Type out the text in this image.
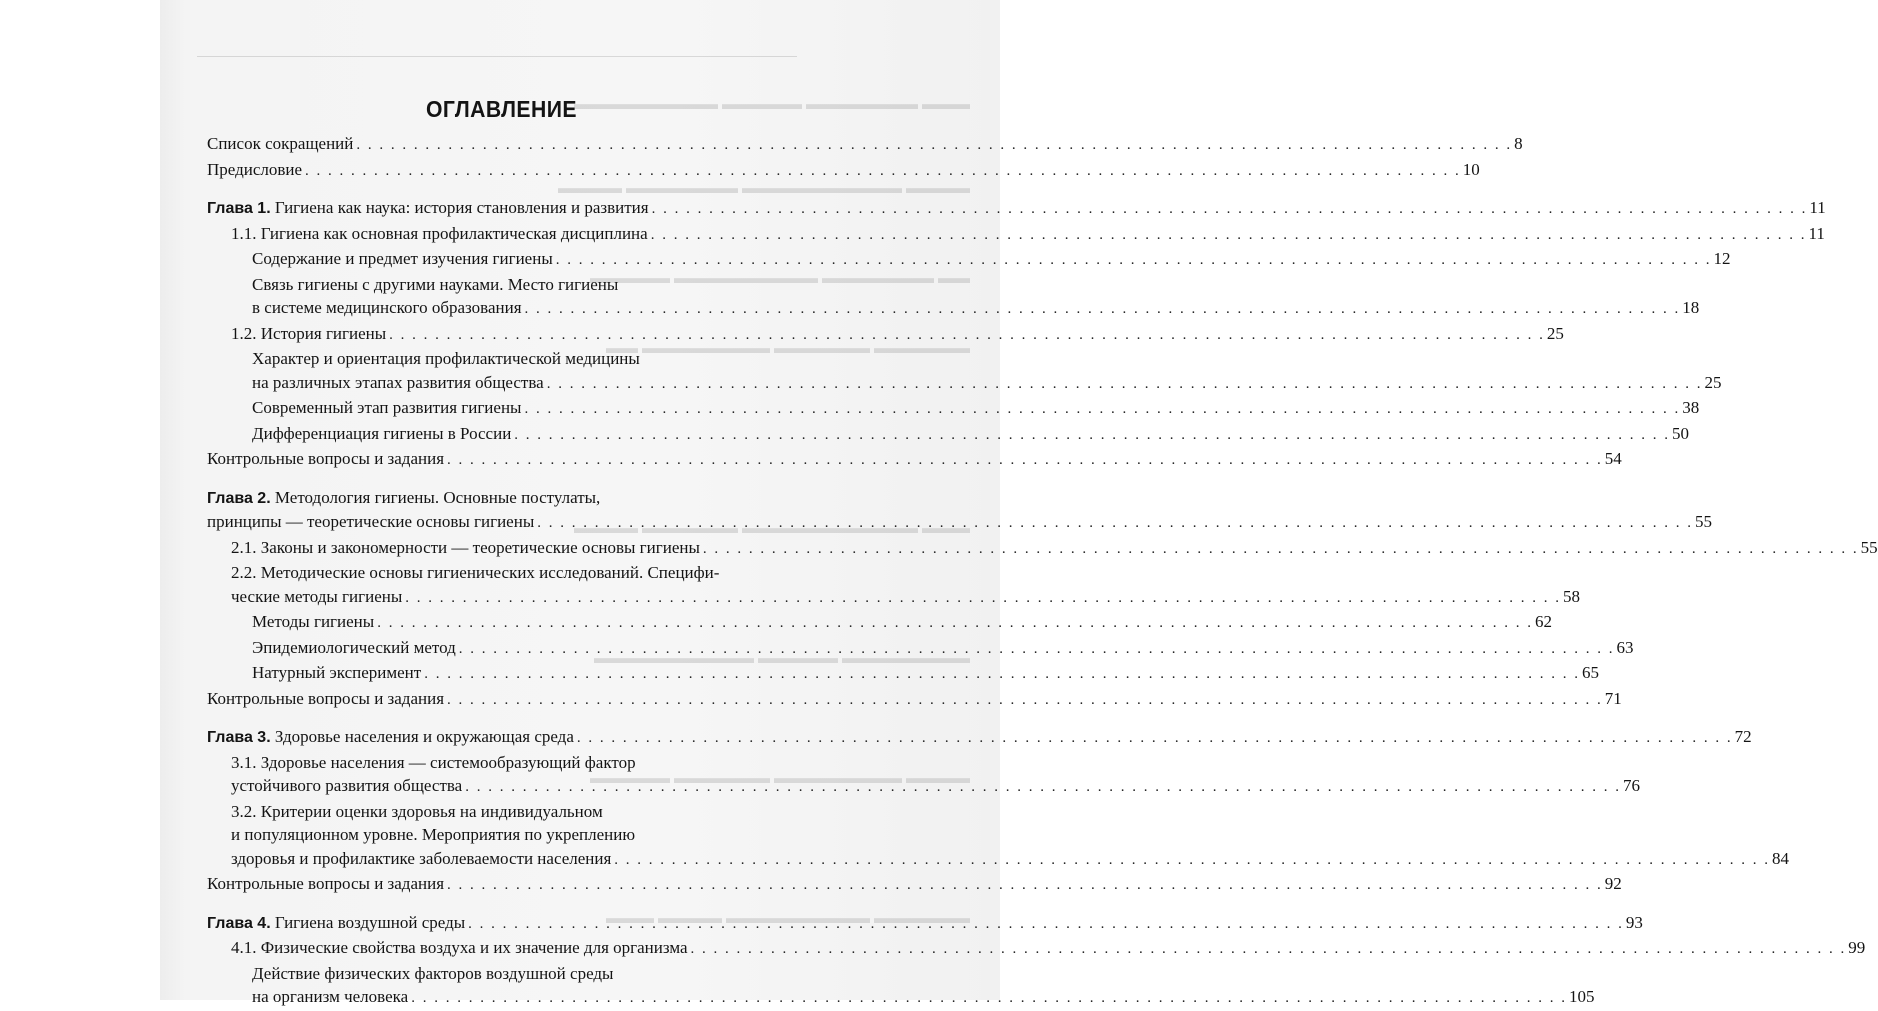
ОГЛАВЛЕНИЕ
Список сокращений . . .	8
Предисловие . . .	10
Глава 1. Гигиена как наука: история становления и развития . . .	11
1.1. Гигиена как основная профилактическая дисциплина . . .	11
Содержание и предмет изучения гигиены . . .	12
Связь гигиены с другими науками. Место гигиены
в системе медицинского образования . . .	18
1.2. История гигиены . . .	25
Характер и ориентация профилактической медицины
на различных этапах развития общества . . .	25
Современный этап развития гигиены . . .	38
Дифференциация гигиены в России . . .	50
Контрольные вопросы и задания . . .	54
Глава 2. Методология гигиены. Основные постулаты,
принципы — теоретические основы гигиены . . .	55
2.1. Законы и закономерности — теоретические основы гигиены . . .	55
2.2. Методические основы гигиенических исследований. Специфи-
ческие методы гигиены . . .	58
Методы гигиены . . .	62
Эпидемиологический метод . . .	63
Натурный эксперимент . . .	65
Контрольные вопросы и задания . . .	71
Глава 3. Здоровье населения и окружающая среда . . .	72
3.1. Здоровье населения — системообразующий фактор
устойчивого развития общества . . .	76
3.2. Критерии оценки здоровья на индивидуальном
и популяционном уровне. Мероприятия по укреплению
здоровья и профилактике заболеваемости населения . . .	84
Контрольные вопросы и задания . . .	92
Глава 4. Гигиена воздушной среды . . .	93
4.1. Физические свойства воздуха и их значение для организма . . .	99
Действие физических факторов воздушной среды
на организм человека . . .	105
